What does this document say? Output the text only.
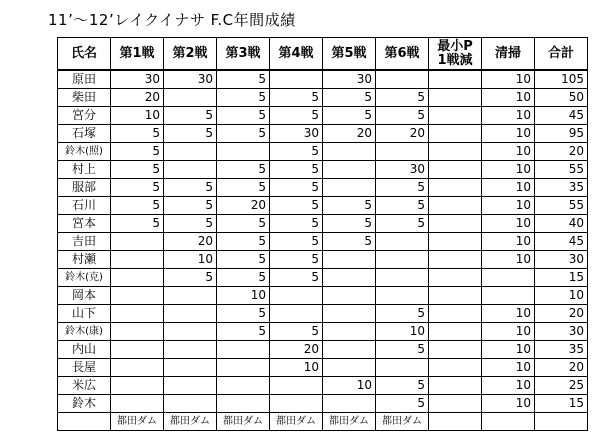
11’～12’レイクイナサ F.C年間成績
氏名	第1戦	第2戦	第3戦	第4戦	第5戦	第6戦	最小P
1戦減	清掃	合計
原田	30	30	5		30			10	105
柴田	20		5	5	5	5		10	50
宮分	10	5	5	5	5	5		10	45
石塚	5	5	5	30	20	20		10	95
鈴木(照)	5			5				10	20
村上	5		5	5		30		10	55
服部	5	5	5	5		5		10	35
石川	5	5	20	5	5	5		10	55
宮本	5	5	5	5	5	5		10	40
吉田		20	5	5	5			10	45
村瀬		10	5	5				10	30
鈴木(克)		5	5	5					15
岡本			10						10
山下			5			5		10	20
鈴木(康)			5	5		10		10	30
内山				20		5		10	35
長屋				10				10	20
米広					10	5		10	25
鈴木						5		10	15
	都田ダム	都田ダム	都田ダム	都田ダム	都田ダム	都田ダム			
